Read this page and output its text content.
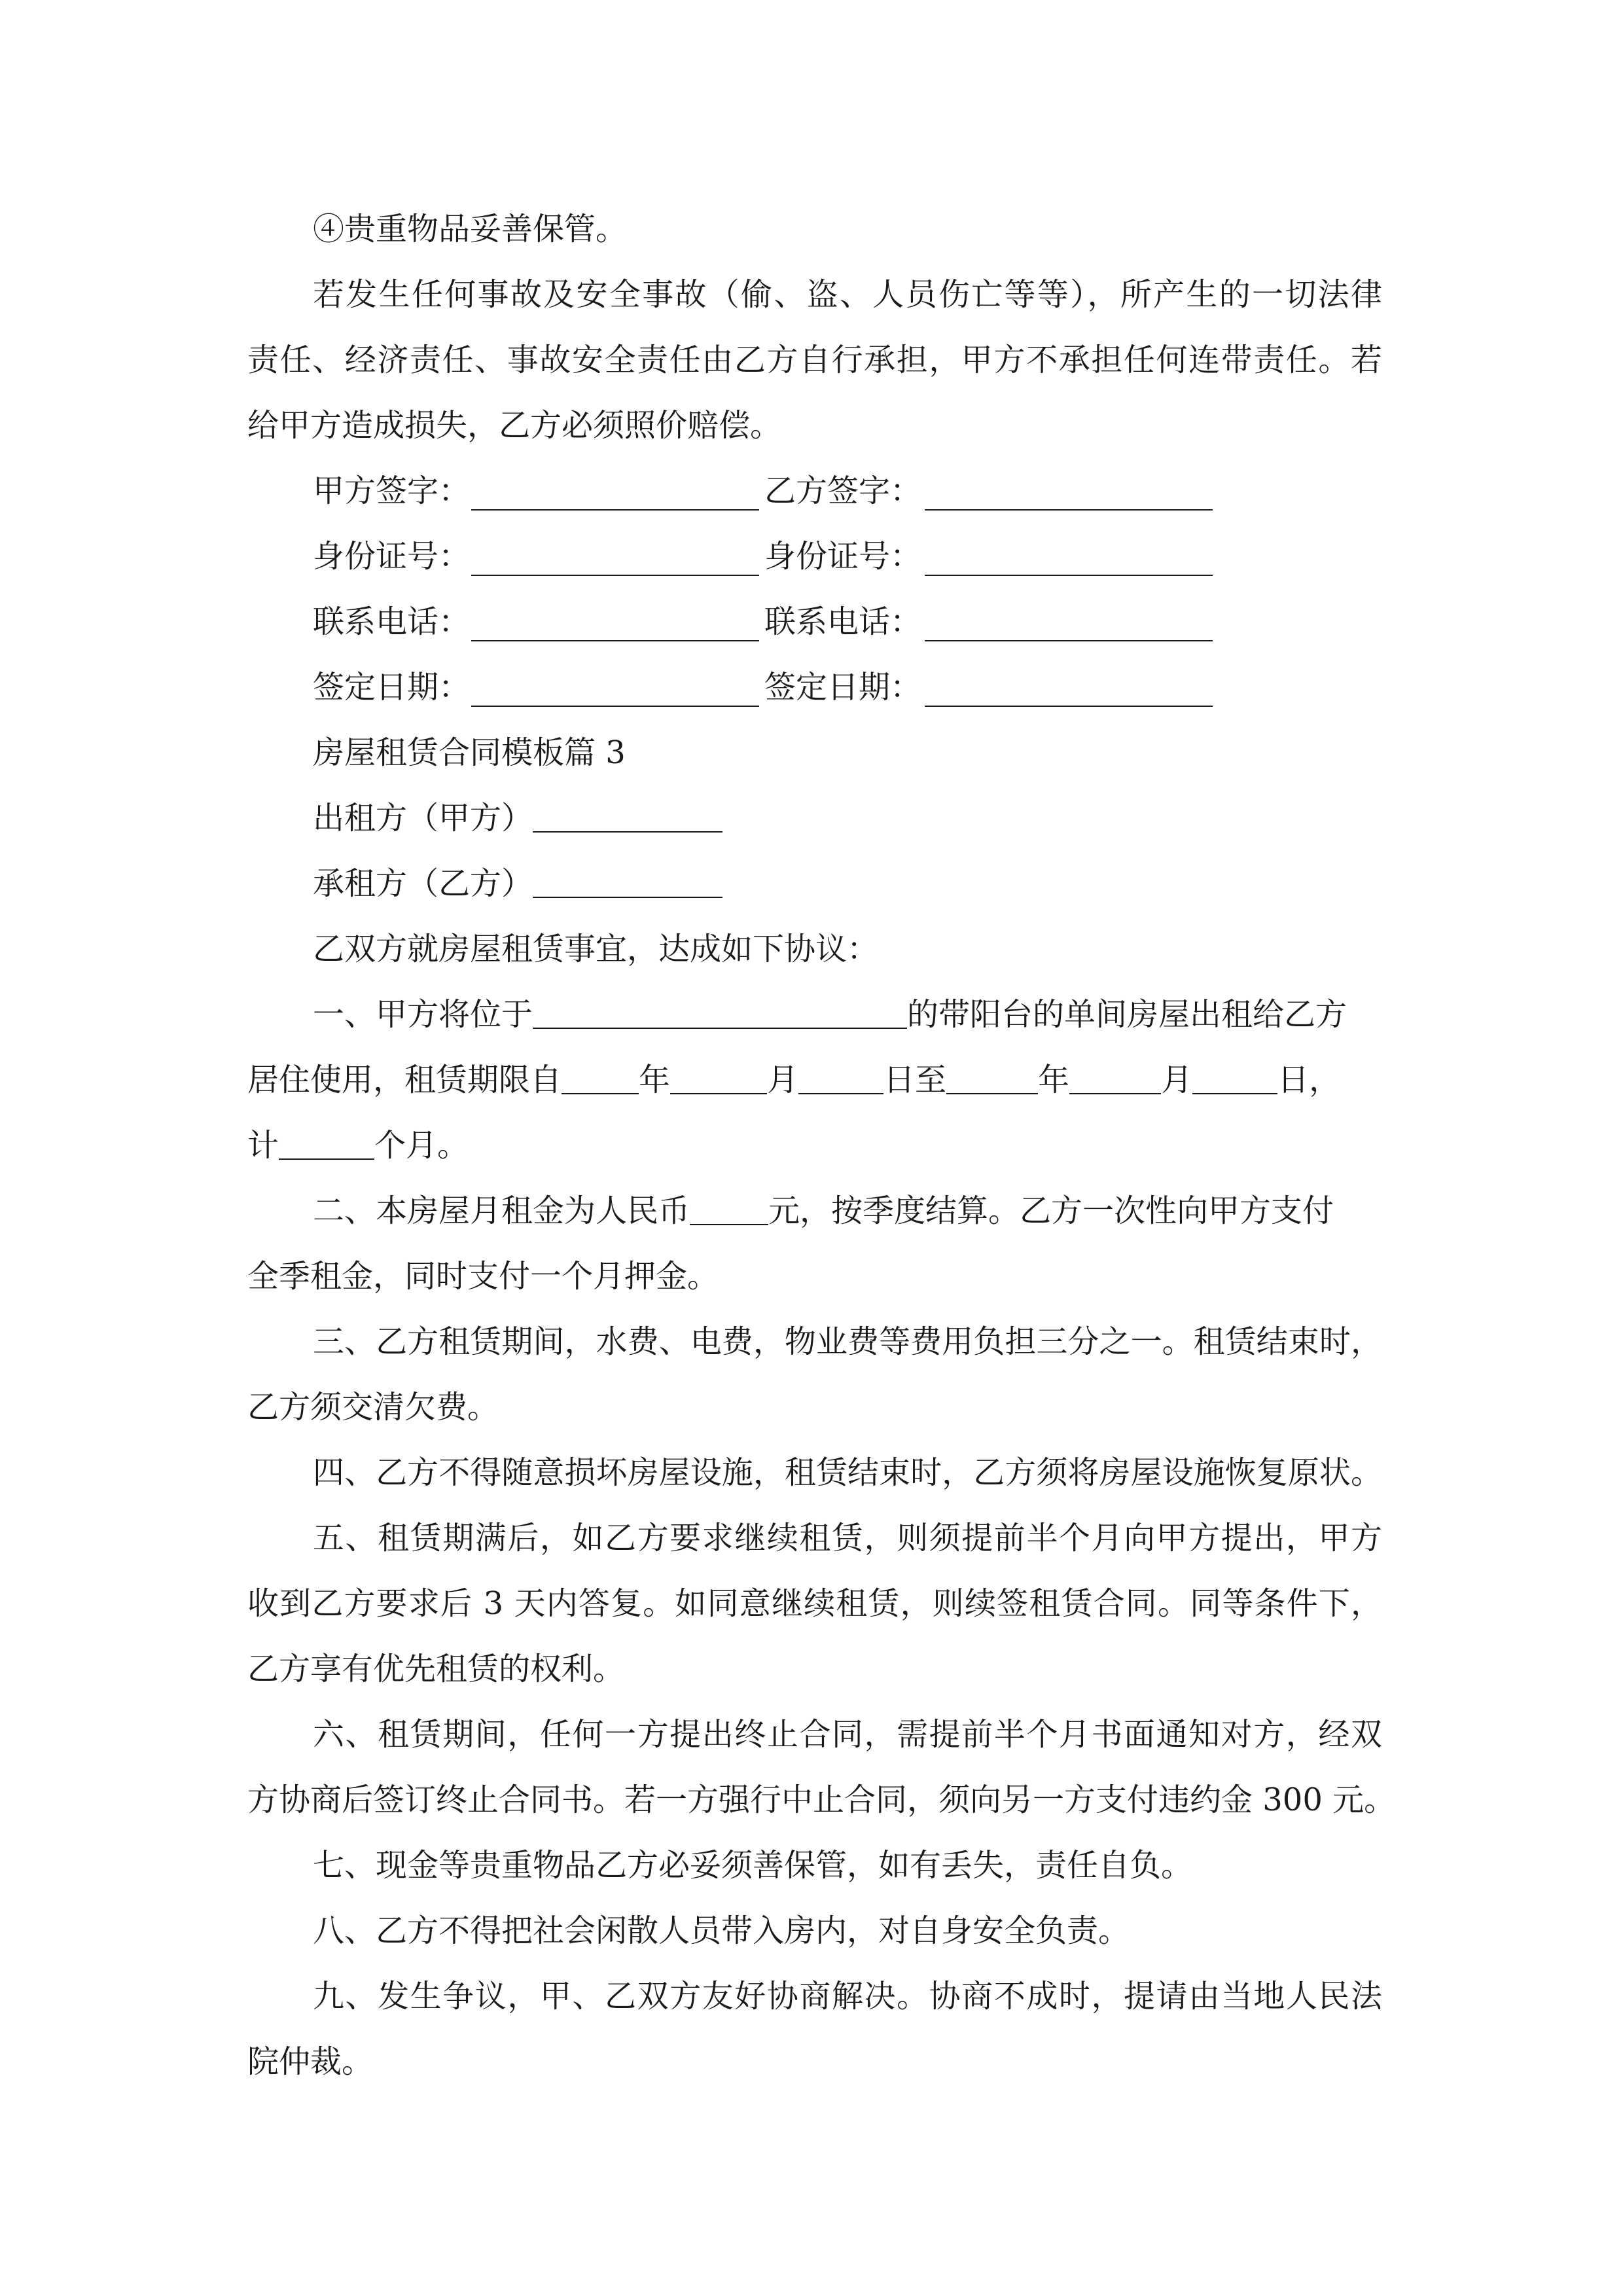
④贵重物品妥善保管。
若发生任何事故及安全事故（偷、盗、人员伤亡等等），所产生的一切法律
责任、经济责任、事故安全责任由乙方自行承担，甲方不承担任何连带责任。若
给甲方造成损失，乙方必须照价赔偿。
甲方签字：	乙方签字：
身份证号：	身份证号：
联系电话：	联系电话：
签定日期：	签定日期：
房屋租赁合同模板篇 3
出租方（甲方）
承租方（乙方）
乙双方就房屋租赁事宜，达成如下协议：
一、甲方将位于	的带阳台的单间房屋出租给乙方
居住使用，租赁期限自 年	月	日至	年	月	日，
计	个月。
二、本房屋月租金为人民币	元，按季度结算。乙方一次性向甲方支付
全季租金，同时支付一个月押金。
三、乙方租赁期间，水费、电费，物业费等费用负担三分之一。租赁结束时，
乙方须交清欠费。
四、乙方不得随意损坏房屋设施，租赁结束时，乙方须将房屋设施恢复原状。
五、租赁期满后，如乙方要求继续租赁，则须提前半个月向甲方提出，甲方
收到乙方要求后 3 天内答复。如同意继续租赁，则续签租赁合同。同等条件下，
乙方享有优先租赁的权利。
六、租赁期间，任何一方提出终止合同，需提前半个月书面通知对方，经双
方协商后签订终止合同书。若一方强行中止合同，须向另一方支付违约金 300 元。
七、现金等贵重物品乙方必妥须善保管，如有丢失，责任自负。
八、乙方不得把社会闲散人员带入房内，对自身安全负责。
九、发生争议，甲、乙双方友好协商解决。协商不成时，提请由当地人民法
院仲裁。
